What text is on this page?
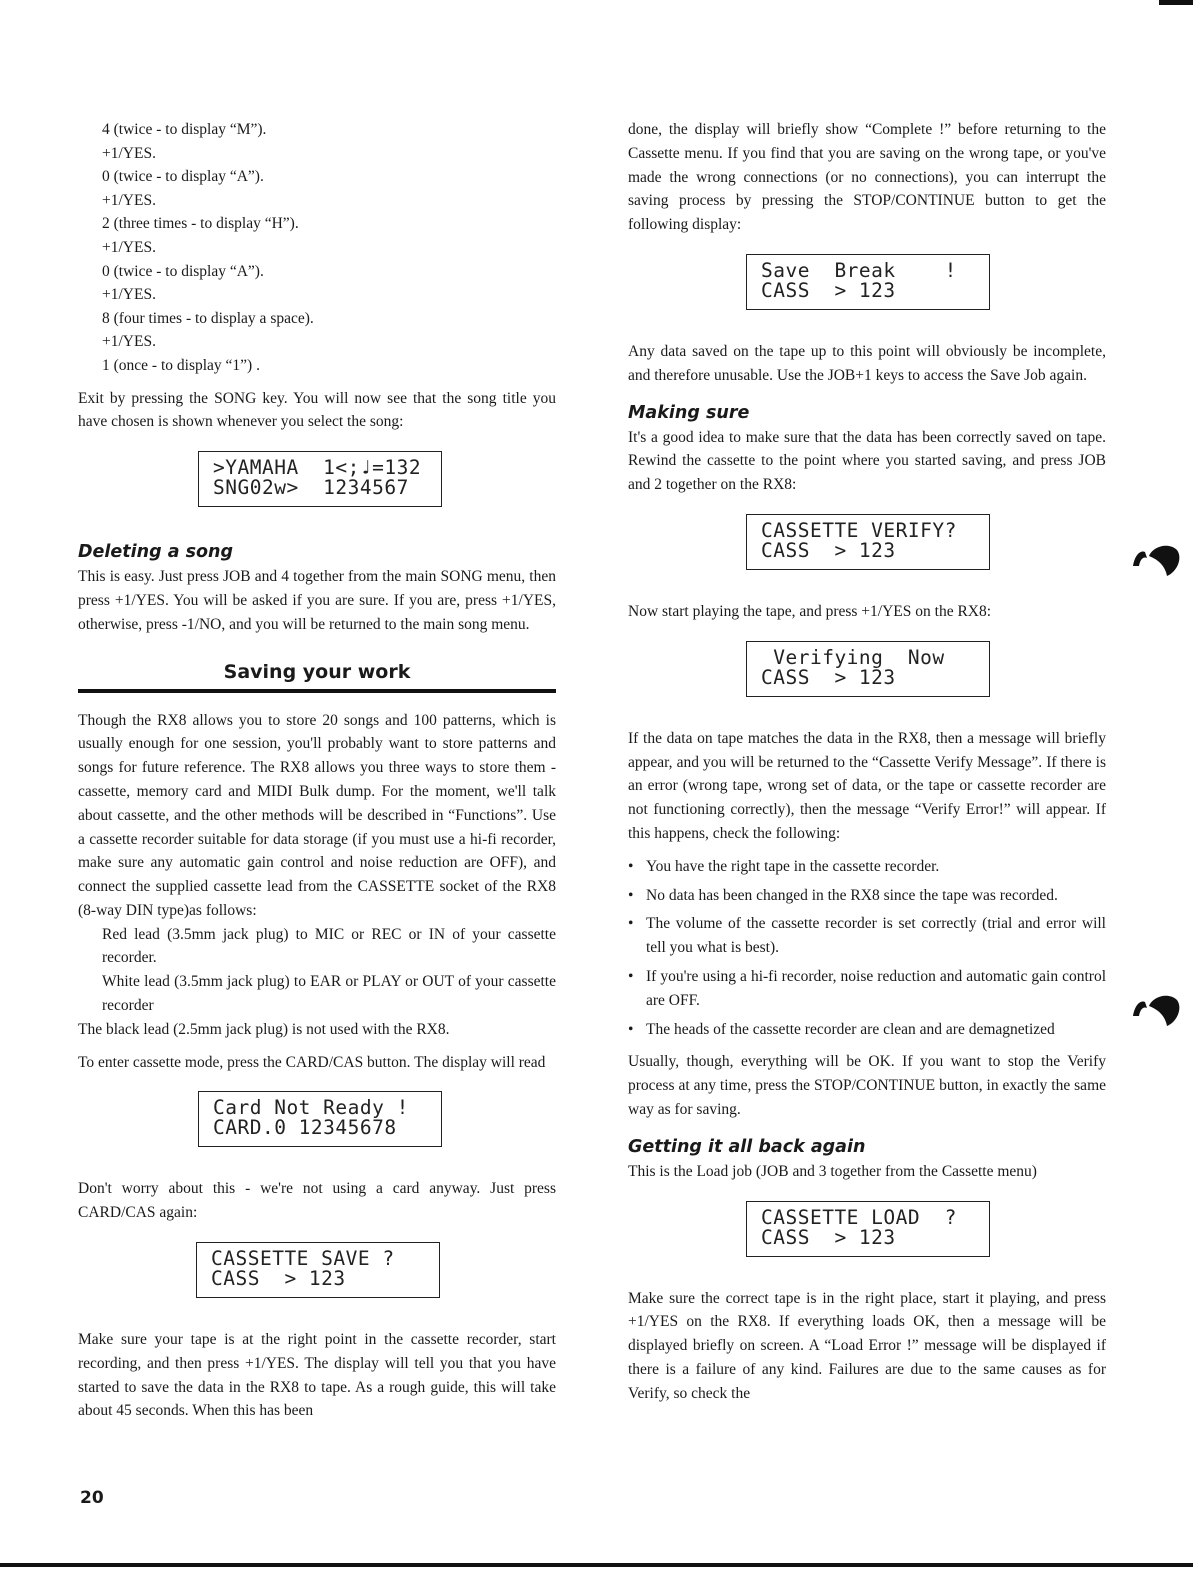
4 (twice - to display “M”).
+1/YES.
0 (twice - to display “A”).
+1/YES.
2 (three times - to display “H”).
+1/YES.
0 (twice - to display “A”).
+1/YES.
8 (four times - to display a space).
+1/YES.
1 (once - to display “1”) .

Exit by pressing the SONG key. You will now see that the song title you have chosen is shown whenever you select the song:

>YAMAHA  1<;♩=132
SNG02w>  1234567
Deleting a song

This is easy. Just press JOB and 4 together from the main SONG menu, then press +1/YES. You will be asked if you are sure. If you are, press +1/YES, otherwise, press -1/NO, and you will be returned to the main song menu.

Saving your work

Though the RX8 allows you to store 20 songs and 100 patterns, which is usually enough for one session, you'll probably want to store patterns and songs for future reference. The RX8 allows you three ways to store them - cassette, memory card and MIDI Bulk dump. For the moment, we'll talk about cassette, and the other methods will be described in “Functions”. Use a cassette recorder suitable for data storage (if you must use a hi-fi recorder, make sure any automatic gain control and noise reduction are OFF), and connect the supplied cassette lead from the CASSETTE socket of the RX8 (8-way DIN type)as follows:

Red lead (3.5mm jack plug) to MIC or REC or IN of your cassette recorder.

White lead (3.5mm jack plug) to EAR or PLAY or OUT of your cassette recorder

The black lead (2.5mm jack plug) is not used with the RX8.

To enter cassette mode, press the CARD/CAS button. The display will read

Card Not Ready !
CARD.0 12345678

Don't worry about this - we're not using a card anyway. Just press CARD/CAS again:

CASSETTE SAVE ?
CASS  > 123

Make sure your tape is at the right point in the cassette recorder, start recording, and then press +1/YES. The display will tell you that you have started to save the data in the RX8 to tape. As a rough guide, this will take about 45 seconds. When this has been

done, the display will briefly show “Complete !” before returning to the Cassette menu. If you find that you are saving on the wrong tape, or you've made the wrong connections (or no connections), you can interrupt the saving process by pressing the STOP/CONTINUE button to get the following display:

Save  Break    !
CASS  > 123

Any data saved on the tape up to this point will obviously be incomplete, and therefore unusable. Use the JOB+1 keys to access the Save Job again.

Making sure

It's a good idea to make sure that the data has been correctly saved on tape. Rewind the cassette to the point where you started saving, and press JOB and 2 together on the RX8:

CASSETTE VERIFY?
CASS  > 123

Now start playing the tape, and press +1/YES on the RX8:

Verifying  Now
CASS  > 123

If the data on tape matches the data in the RX8, then a message will briefly appear, and you will be returned to the “Cassette Verify Message”. If there is an error (wrong tape, wrong set of data, or the tape or cassette recorder are not functioning correctly), then the message “Verify Error!” will appear. If this happens, check the following:

• You have the right tape in the cassette recorder.
• No data has been changed in the RX8 since the tape was recorded.
• The volume of the cassette recorder is set correctly (trial and error will tell you what is best).
• If you're using a hi-fi recorder, noise reduction and automatic gain control are OFF.
• The heads of the cassette recorder are clean and are demagnetized

Usually, though, everything will be OK. If you want to stop the Verify process at any time, press the STOP/CONTINUE button, in exactly the same way as for saving.

Getting it all back again

This is the Load job (JOB and 3 together from the Cassette menu)

CASSETTE LOAD  ?
CASS  > 123

Make sure the correct tape is in the right place, start it playing, and press +1/YES on the RX8. If everything loads OK, then a message will be displayed briefly on screen. A “Load Error !” message will be displayed if there is a failure of any kind. Failures are due to the same causes as for Verify, so check the

20
